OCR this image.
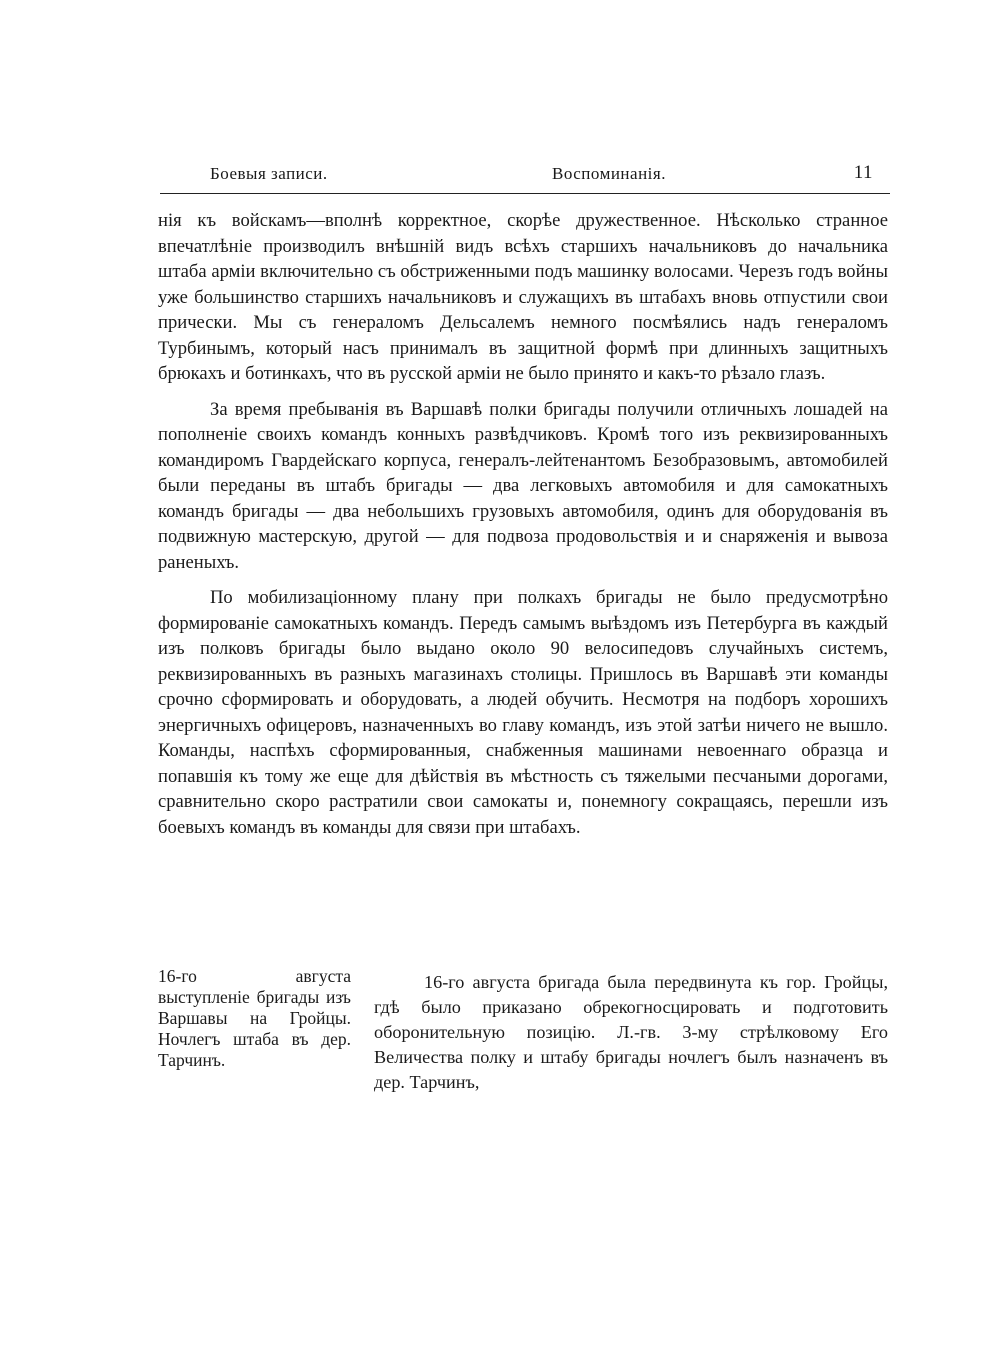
Боевыя записи.	Воспоминанія.	11

нія къ войскамъ—вполнѣ корректное, скорѣе дружественное. Нѣсколько странное впечатлѣніе производилъ внѣшній видъ всѣхъ старшихъ начальниковъ до начальника штаба арміи включительно съ обстриженными подъ машинку волосами. Черезъ годъ войны уже большинство старшихъ начальниковъ и служащихъ въ штабахъ вновь отпустили свои прически. Мы съ генераломъ Дельсалемъ немного посмѣялись надъ генераломъ Турбинымъ, который насъ принималъ въ защитной формѣ при длинныхъ защитныхъ брюкахъ и ботинкахъ, что въ русской арміи не было принято и какъ-то рѣзало глазъ.

За время пребыванія въ Варшавѣ полки бригады получили отличныхъ лошадей на пополненіе своихъ командъ конныхъ развѣдчиковъ. Кромѣ того изъ реквизированныхъ командиромъ Гвардейскаго корпуса, генералъ-лейтенантомъ Безобразовымъ, автомобилей были переданы въ штабъ бригады — два легковыхъ автомобиля и для самокатныхъ командъ бригады — два небольшихъ грузовыхъ автомобиля, одинъ для оборудованія въ подвижную мастерскую, другой — для подвоза продовольствія и и снаряженія и вывоза раненыхъ.

По мобилизаціонному плану при полкахъ бригады не было предусмотрѣно формированіе самокатныхъ командъ. Передъ самымъ выѣздомъ изъ Петербурга въ каждый изъ полковъ бригады было выдано около 90 велосипедовъ случайныхъ системъ, реквизированныхъ въ разныхъ магазинахъ столицы. Пришлось въ Варшавѣ эти команды срочно сформировать и оборудовать, а людей обучить. Несмотря на подборъ хорошихъ энергичныхъ офицеровъ, назначенныхъ во главу командъ, изъ этой затѣи ничего не вышло. Команды, наспѣхъ сформированныя, снабженныя машинами невоеннаго образца и попавшія къ тому же еще для дѣйствія въ мѣстность съ тяжелыми песчаными дорогами, сравнительно скоро растратили свои самокаты и, понемногу сокращаясь, перешли изъ боевыхъ командъ въ команды для связи при штабахъ.

16-го августа выступленіе бригады изъ Варшавы на Гройцы. Ночлегъ штаба въ дер. Тарчинъ.

16-го августа бригада была передвинута къ гор. Гройцы, гдѣ было приказано обрекогносцировать и подготовить оборонительную позицію. Л.-гв. 3-му стрѣлковому Его Величества полку и штабу бригады ночлегъ былъ назначенъ въ дер. Тарчинъ,
